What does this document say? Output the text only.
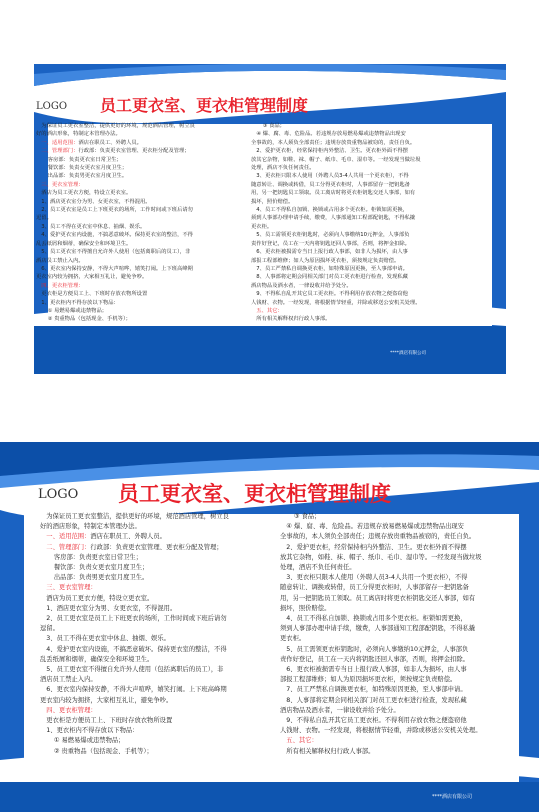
LOGO 员工更衣室、更衣柜管理制度
为保证员工更衣室整洁，提供更好的环境，规范酒店管理，树立良
好的酒店形象，特制定本管理办法。
一、适用范围：酒店在职员工、外聘人员。
二、管理部门：行政部：负责更衣室管理、更衣柜分配及管理；
客房部：负责更衣室日常卫生；
餐饮部：负责女更衣室月度卫生；
出品部：负责男更衣室月度卫生。
三、更衣室管理：
酒店为员工更衣方便，特设立更衣室。
1、酒店更衣室分为男、女更衣室，不得混用。
2、员工更衣室是员工上下班更衣的场所，工作时间或下班后请勿
逗留。
3、员工不得在更衣室中休息、抽烟、娱乐。
4、爱护更衣室内设施，不搞恶意破坏。保持更衣室的整洁，不得
乱丢纸屑和烟蒂，确保安全和环境卫生。
5、员工更衣室不得擅自允许外人使用（包括离职后的员工），非
酒店员工禁止入内。
6、更衣室内保持安静，不得大声喧哗，嬉笑打闹。上下班高峰期
更衣室内较为拥挤，大家相互礼让，避免争吵。
四、更衣柜管理：
更衣柜是方便员工上、下班时存放衣物所设置
1、更衣柜内不得存放以下物品：
① 易燃易爆或违禁物品；
② 贵重物品（包括现金、手机等）；
③ 食品；
④ 爆、腐、毒、危险品。若违规存放易燃易爆或违禁物品出现安
全事故的，本人须负全部责任；违规存放贵重物品被窃的，责任自负。
2、爱护更衣柜，经常保持柜内外整洁、卫生。更衣柜外面不得摆
放其它杂物，如鞋、袜、帽子、纸巾、毛巾、湿巾等。一经发现当做垃圾
处理，酒店不负任何责任。
3、更衣柜只限本人使用（外聘人员3-4人共用一个更衣柜），不得
随意转让、调换或转借，员工分得更衣柜时，人事部留存一把钥匙备
用，另一把钥匙员工领取。员工离店时将更衣柜钥匙交还人事部，如有
损坏，照价赔偿。
4、员工不得私自加锁、换锁或占用多个更衣柜。柜锁如需更换，
须到人事部办理申请手续，缴费，人事部通知工程部配钥匙，不得私撬
更衣柜。
5、员工需领更衣柜钥匙时，必须向人事缴纳10元押金，人事部负
责作好登记，员工在一天内将钥匙还回人事部，否则，将押金扣除。
6、更衣柜被损需专当日上报行政人事部，如非人为损坏，由人事
部报工程部维修；如人为原因损坏更衣柜，须按规定负责赔偿。
7、员工严禁私自调换更衣柜，如特殊原因更换，至人事部申请。
8、人事部将定期会同相关部门对员工更衣柜进行检查，发现私藏
酒店物品及酒水者，一律设收并给予处分。
9、不得私自乱开其它员工更衣柜。不得利用存放衣物之便盗窃他
人钱财、衣物。一经发现，将根据情节轻重，并除或移送公安机关处理。
五、其它：
所有相关解释权归行政人事部。
****酒店有限公司
LOGO 员工更衣室、更衣柜管理制度
为保证员工更衣室整洁，提供更好的环境，规范酒店管理，树立良
好的酒店形象，特制定本管理办法。
一、适用范围：酒店在职员工、外聘人员。
二、管理部门：行政部：负责更衣室管理、更衣柜分配及管理；
客房部：负责更衣室日常卫生；
餐饮部：负责女更衣室月度卫生；
出品部：负责男更衣室月度卫生。
三、更衣室管理：
酒店为员工更衣方便，特设立更衣室。
1、酒店更衣室分为男、女更衣室，不得混用。
2、员工更衣室是员工上下班更衣的场所，工作时间或下班后请勿
逗留。
3、员工不得在更衣室中休息、抽烟、娱乐。
4、爱护更衣室内设施，不搞恶意破坏。保持更衣室的整洁，不得
乱丢纸屑和烟蒂，确保安全和环境卫生。
5、员工更衣室不得擅自允许外人使用（包括离职后的员工），非
酒店员工禁止入内。
6、更衣室内保持安静，不得大声喧哗，嬉笑打闹。上下班高峰期
更衣室内较为拥挤，大家相互礼让，避免争吵。
四、更衣柜管理：
更衣柜是方便员工上、下班时存放衣物所设置
1、更衣柜内不得存放以下物品：
① 易燃易爆或违禁物品；
② 贵重物品（包括现金、手机等）；
③ 食品；
④ 爆、腐、毒、危险品。若违规存放易燃易爆或违禁物品出现安
全事故的，本人须负全部责任；违规存放贵重物品被窃的，责任自负。
2、爱护更衣柜，经常保持柜内外整洁、卫生。更衣柜外面不得摆
放其它杂物，如鞋、袜、帽子、纸巾、毛巾、湿巾等。一经发现当做垃圾
处理，酒店不负任何责任。
3、更衣柜只限本人使用（外聘人员3-4人共用一个更衣柜），不得
随意转让、调换或转借，员工分得更衣柜时，人事部留存一把钥匙备
用，另一把钥匙员工领取。员工离店时将更衣柜钥匙交还人事部，如有
损坏，照价赔偿。
4、员工不得私自加锁、换锁或占用多个更衣柜。柜锁如需更换，
须到人事部办理申请手续，缴费，人事部通知工程部配钥匙，不得私撬
更衣柜。
5、员工需领更衣柜钥匙时，必须向人事缴纳10元押金，人事部负
责作好登记，员工在一天内将钥匙还回人事部，否则，将押金扣除。
6、更衣柜被损需专当日上报行政人事部，如非人为损坏，由人事
部报工程部维修；如人为原因损坏更衣柜，须按规定负责赔偿。
7、员工严禁私自调换更衣柜，如特殊原因更换，至人事部申请。
8、人事部将定期会同相关部门对员工更衣柜进行检查，发现私藏
酒店物品及酒水者，一律设收并给予处分。
9、不得私自乱开其它员工更衣柜。不得利用存放衣物之便盗窃他
人钱财、衣物。一经发现，将根据情节轻重，并除或移送公安机关处理。
五、其它：
所有相关解释权归行政人事部。
****酒店有限公司
